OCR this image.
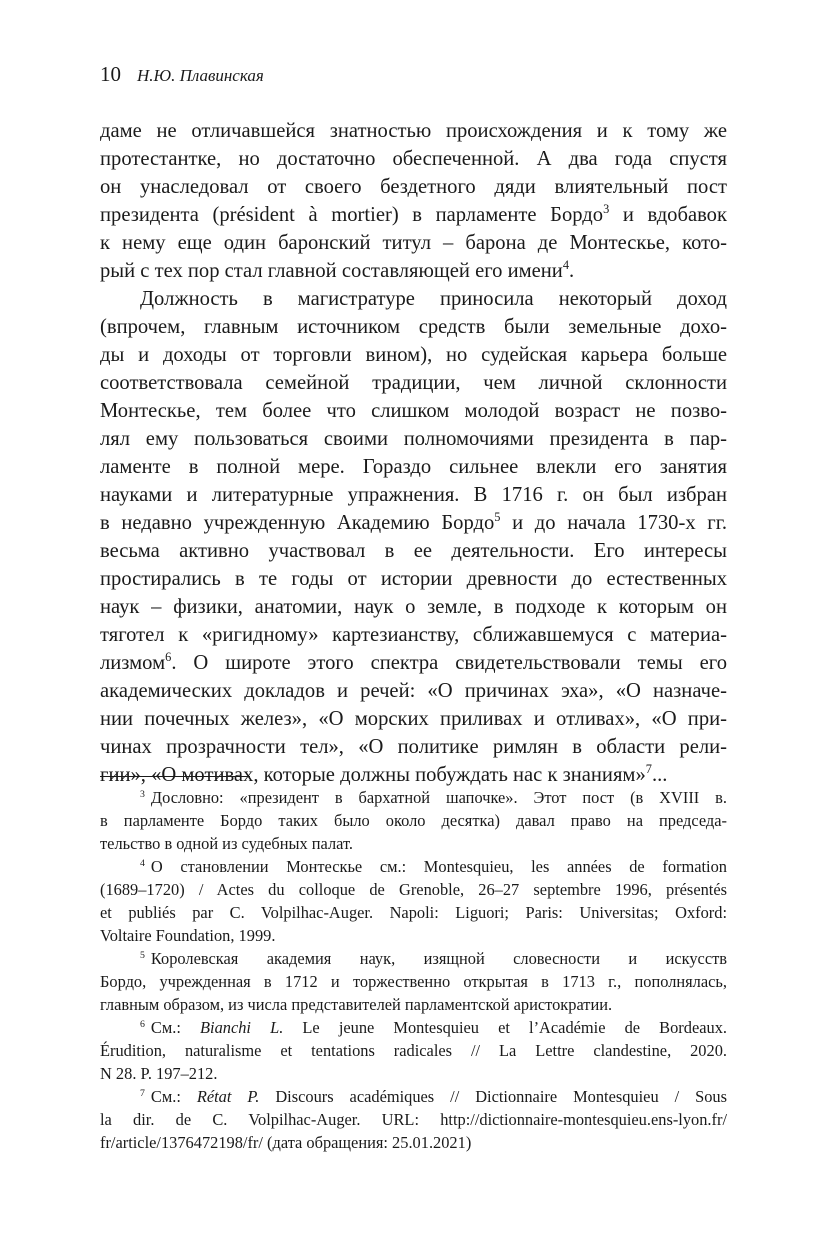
10 Н.Ю. Плавинская
даме не отличавшейся знатностью происхождения и к тому же
протестантке, но достаточно обеспеченной. А два года спустя
он унаследовал от своего бездетного дяди влиятельный пост
президента (président à mortier) в парламенте Бордо$^3$ и вдобавок
к нему еще один баронский титул – барона де Монтескье, кото-
рый с тех пор стал главной составляющей его имени$^4$.
Должность в магистратуре приносила некоторый доход
(впрочем, главным источником средств были земельные дохо-
ды и доходы от торговли вином), но судейская карьера больше
соответствовала семейной традиции, чем личной склонности
Монтескье, тем более что слишком молодой возраст не позво-
лял ему пользоваться своими полномочиями президента в пар-
ламенте в полной мере. Гораздо сильнее влекли его занятия
науками и литературные упражнения. В 1716 г. он был избран
в недавно учрежденную Академию Бордо$^5$ и до начала 1730-х гг.
весьма активно участвовал в ее деятельности. Его интересы
простирались в те годы от истории древности до естественных
наук – физики, анатомии, наук о земле, в подходе к которым он
тяготел к «ригидному» картезианству, сближавшемуся с материа-
лизмом$^6$. О широте этого спектра свидетельствовали темы его
академических докладов и речей: «О причинах эха», «О назначе-
нии почечных желез», «О морских приливах и отливах», «О при-
чинах прозрачности тел», «О политике римлян в области рели-
гии», «О мотивах, которые должны побуждать нас к знаниям»$^7$...
$^3$ Дословно: «президент в бархатной шапочке». Этот пост (в XVIII в.
в парламенте Бордо таких было около десятка) давал право на председа-
тельство в одной из судебных палат.
$^4$ О становлении Монтескье см.: Montesquieu, les années de formation
(1689–1720) / Actes du colloque de Grenoble, 26–27 septembre 1996, présentés
et publiés par C. Volpilhac-Auger. Napoli: Liguori; Paris: Universitas; Oxford:
Voltaire Foundation, 1999.
$^5$ Королевская академия наук, изящной словесности и искусств
Бордо, учрежденная в 1712 и торжественно открытая в 1713 г., пополнялась,
главным образом, из числа представителей парламентской аристократии.
$^6$ См.: Bianchi L. Le jeune Montesquieu et l’Académie de Bordeaux.
Érudition, naturalisme et tentations radicales // La Lettre clandestine, 2020.
N 28. P. 197–212.
$^7$ См.: Rétat P. Discours académiques // Dictionnaire Montesquieu / Sous
la dir. de C. Volpilhac-Auger. URL: http://dictionnaire-montesquieu.ens-lyon.fr/
fr/article/1376472198/fr/ (дата обращения: 25.01.2021)
